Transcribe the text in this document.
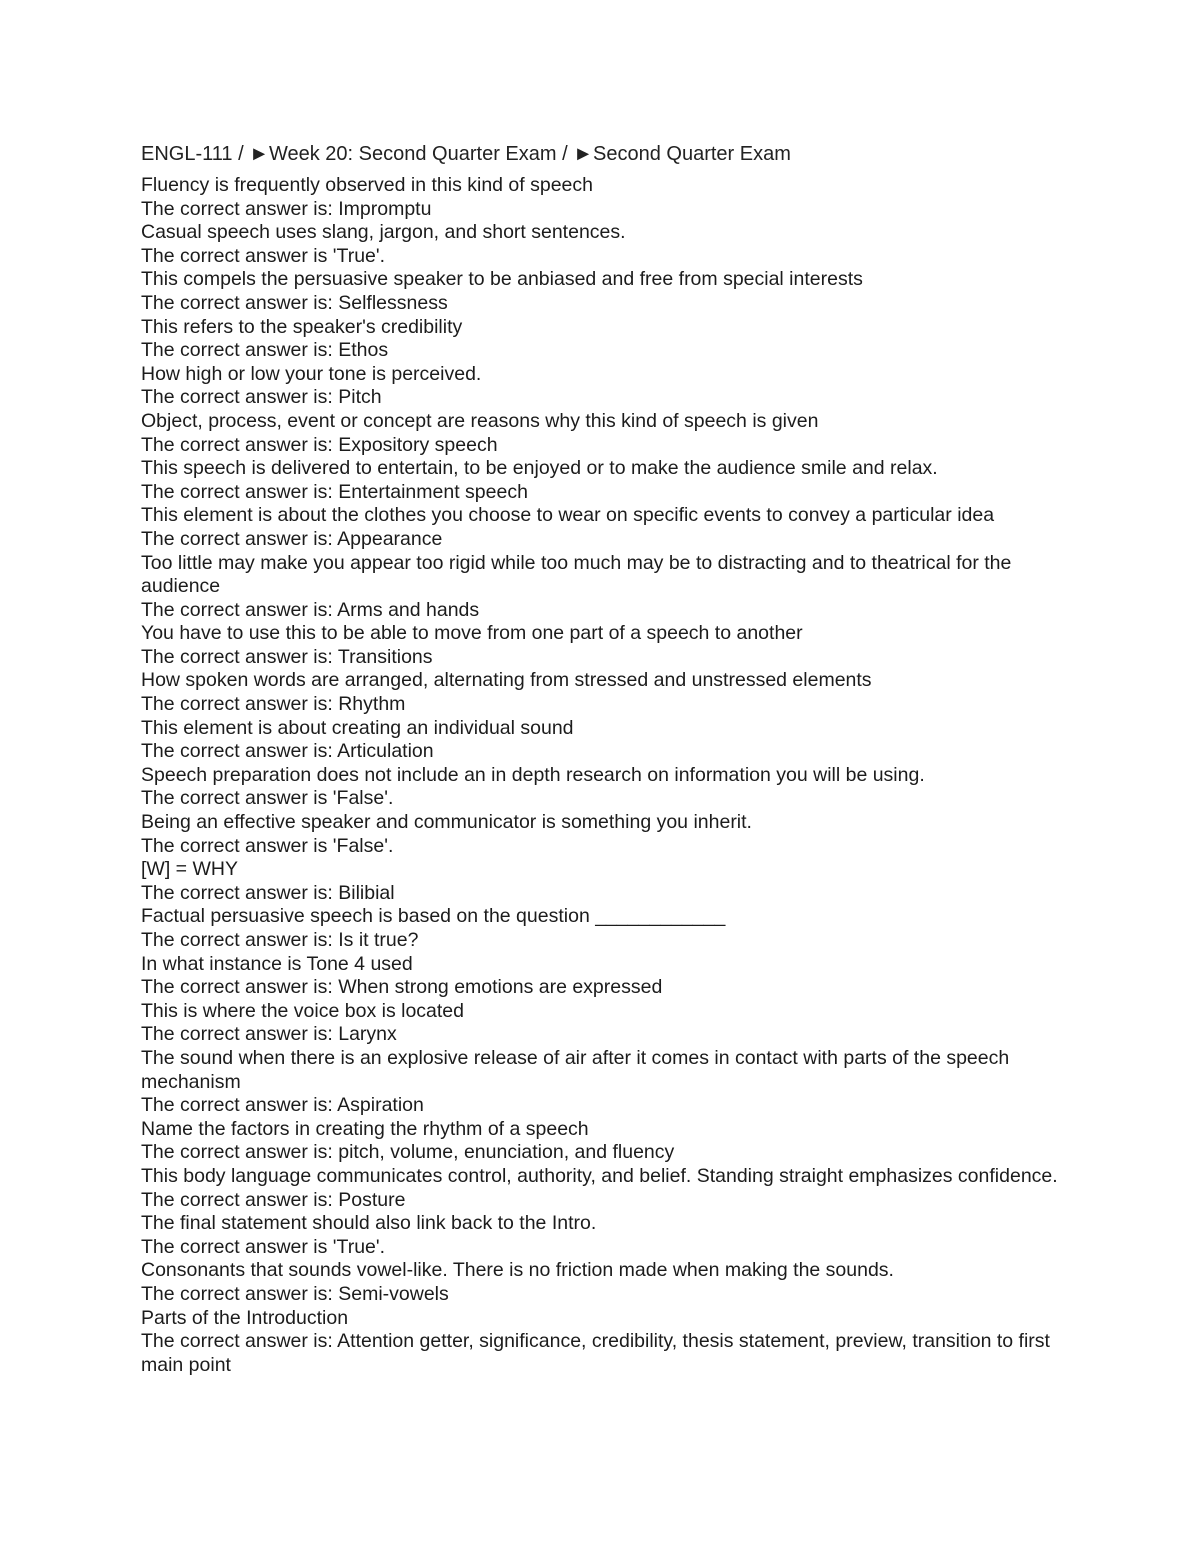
ENGL-111 / ►Week 20: Second Quarter Exam / ►Second Quarter Exam
Fluency is frequently observed in this kind of speech
The correct answer is: Impromptu
Casual speech uses slang, jargon, and short sentences.
The correct answer is 'True'.
This compels the persuasive speaker to be anbiased and free from special interests
The correct answer is: Selflessness
This refers to the speaker's credibility
The correct answer is: Ethos
How high or low your tone is perceived.
The correct answer is: Pitch
Object, process, event or concept are reasons why this kind of speech is given
The correct answer is: Expository speech
This speech is delivered to entertain, to be enjoyed or to make the audience smile and relax.
The correct answer is: Entertainment speech
This element is about the clothes you choose to wear on specific events to convey a particular idea
The correct answer is: Appearance
Too little may make you appear too rigid while too much may be to distracting and to theatrical for the audience
The correct answer is: Arms and hands
You have to use this to be able to move from one part of a speech to another
The correct answer is: Transitions
How spoken words are arranged, alternating from stressed and unstressed elements
The correct answer is: Rhythm
This element is about creating an individual sound
The correct answer is: Articulation
Speech preparation does not include an in depth research on information you will be using.
The correct answer is 'False'.
Being an effective speaker and communicator is something you inherit.
The correct answer is 'False'.
[W] = WHY
The correct answer is: Bilibial
Factual persuasive speech is based on the question ____________
The correct answer is: Is it true?
In what instance is Tone 4 used
The correct answer is: When strong emotions are expressed
This is where the voice box is located
The correct answer is: Larynx
The sound when there is an explosive release of air after it comes in contact with parts of the speech mechanism
The correct answer is: Aspiration
Name the factors in creating the rhythm of a speech
The correct answer is: pitch, volume, enunciation, and fluency
This body language communicates control, authority, and belief. Standing straight emphasizes confidence.
The correct answer is: Posture
The final statement should also link back to the Intro.
The correct answer is 'True'.
Consonants that sounds vowel-like. There is no friction made when making the sounds.
The correct answer is: Semi-vowels
Parts of the Introduction
The correct answer is: Attention getter, significance, credibility, thesis statement, preview, transition to first main point
